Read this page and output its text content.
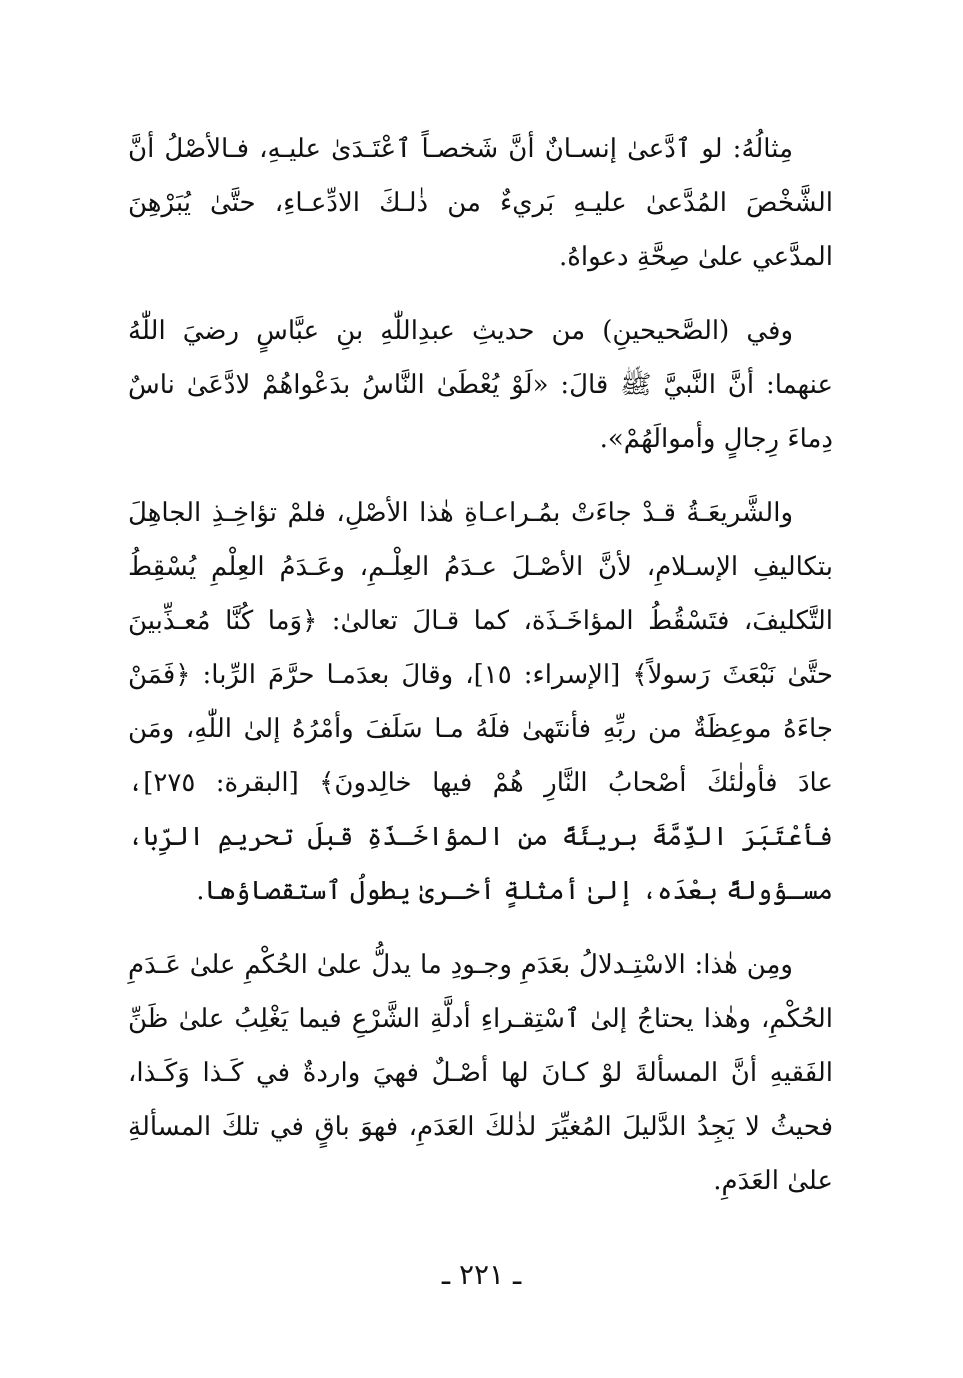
مِثالُهُ: لو ٱدَّعىٰ إنسـانٌ أنَّ شَخصـاً ٱعْتَـدَىٰ عليـهِ، فـالأصْلُ أنَّ الشَّخْصَ المُدَّعىٰ عليـهِ بَريءٌ من ذٰلـكَ الادِّعـاءِ، حتَّىٰ يُبَرْهِنَ المدَّعي علىٰ صِحَّةِ دعواهُ.

وفي (الصَّحيحينِ) من حديثِ عبدِاللّٰهِ بنِ عبَّاسٍ رضيَ اللّٰهُ عنهما: أنَّ النَّبيَّ ﷺ قالَ: «لَوْ يُعْطَىٰ النَّاسُ بدَعْواهُمْ لادَّعَىٰ ناسٌ دِماءَ رِجالٍ وأموالَهُمْ».

والشَّريعَـةُ قـدْ جاءَتْ بمُـراعـاةِ هٰذا الأصْلِ، فلمْ تؤاخِـذِ الجاهِلَ بتكاليفِ الإسـلامِ، لأنَّ الأصْـلَ عـدَمُ العِلْـمِ، وعَـدَمُ العِلْمِ يُسْقِطُ التَّكليفَ، فتَسْقُطُ المؤاخَـذَة، كما قـالَ تعالىٰ: ﴿وَما كُنَّا مُعـذِّبينَ حتَّىٰ نَبْعَثَ رَسولاً﴾ [الإسراء: ١٥]، وقالَ بعدَمـا حرَّمَ الرِّبا: ﴿فَمَنْ جاءَهُ موعِظَةٌ من ربِّهِ فأنتَهىٰ فلَهُ مـا سَلَفَ وأمْرُهُ إلىٰ اللّٰهِ، ومَن عادَ فأولٰئكَ أصْحابُ النَّارِ هُمْ فيها خالِدونَ﴾ [البقرة: ٢٧٥]، فأعْتَبَرَ الذِّمَّةَ بريئَةً من المؤاخَـذَةِ قبلَ تحريمِ الرِّبا، مسـؤولةً بعْدَه، إلىٰ أمثلةٍ أخـرىٰ يطولُ ٱستقصاؤها.

ومِن هٰذا: الاسْتِـدلالُ بعَدَمِ وجـودِ ما يدلُّ علىٰ الحُكْمِ علىٰ عَـدَمِ الحُكْمِ، وهٰذا يحتاجُ إلىٰ ٱسْتِقـراءِ أدلَّةِ الشَّرْعِ فيما يَغْلِبُ علىٰ ظَنِّ الفَقيهِ أنَّ المسألةَ لوْ كـانَ لها أصْـلٌ فهيَ واردةٌ في كَـذا وَكَـذا، فحيثُ لا يَجِدُ الدَّليلَ المُغيِّرَ لذٰلكَ العَدَمِ، فهوَ باقٍ في تلكَ المسألةِ علىٰ العَدَمِ.

ـ ٢٢١ ـ
